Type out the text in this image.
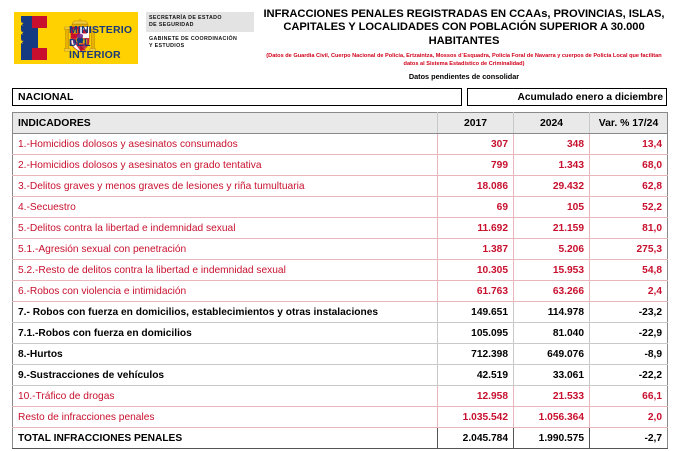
★
★
★
MINISTERIO
DEL INTERIOR
SECRETARÍA DE ESTADO
DE SEGURIDAD
GABINETE DE COORDINACIÓN
Y ESTUDIOS
INFRACCIONES PENALES REGISTRADAS EN CCAAs, PROVINCIAS, ISLAS, CAPITALES Y LOCALIDADES CON POBLACIÓN SUPERIOR A 30.000 HABITANTES
(Datos de Guardia Civil, Cuerpo Nacional de Policía, Ertzaintza, Mossos d´Esquadra, Policía Foral de Navarra y cuerpos de Policía Local que facilitan datos al Sistema Estadístico de Criminalidad)
Datos pendientes de consolidar
NACIONAL	Acumulado enero a diciembre
INDICADORES	2017	2024	Var. % 17/24
1.-Homicidios dolosos y asesinatos consumados	307	348	13,4
2.-Homicidios dolosos y asesinatos en grado tentativa	799	1.343	68,0
3.-Delitos graves y menos graves de lesiones y riña tumultuaria	18.086	29.432	62,8
4.-Secuestro	69	105	52,2
5.-Delitos contra la libertad e indemnidad sexual	11.692	21.159	81,0
5.1.-Agresión sexual con penetración	1.387	5.206	275,3
5.2.-Resto de delitos contra la libertad e indemnidad sexual	10.305	15.953	54,8
6.-Robos con violencia e intimidación	61.763	63.266	2,4
7.- Robos con fuerza en domicilios, establecimientos y otras instalaciones	149.651	114.978	-23,2
7.1.-Robos con fuerza en domicilios	105.095	81.040	-22,9
8.-Hurtos	712.398	649.076	-8,9
9.-Sustracciones de vehículos	42.519	33.061	-22,2
10.-Tráfico de drogas	12.958	21.533	66,1
Resto de infracciones penales	1.035.542	1.056.364	2,0
TOTAL INFRACCIONES PENALES	2.045.784	1.990.575	-2,7
